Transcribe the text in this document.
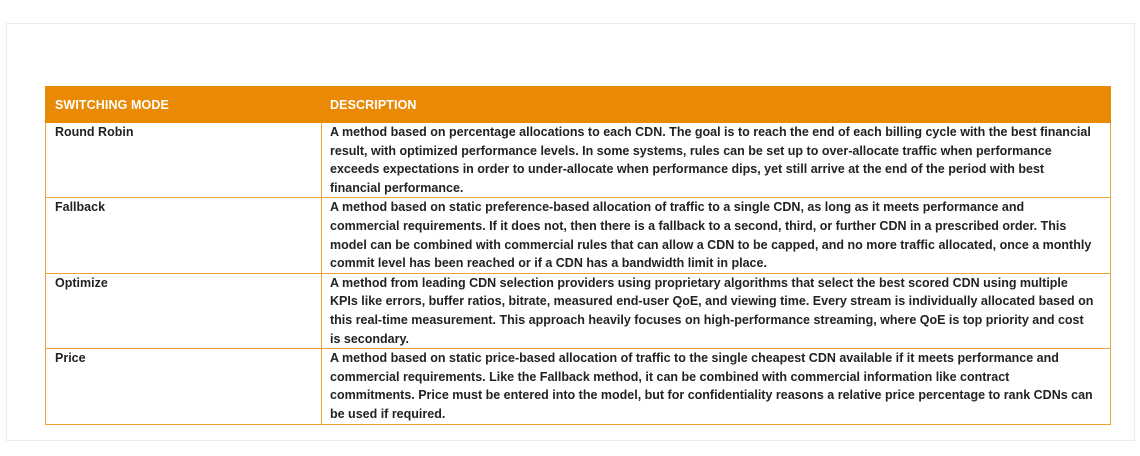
SWITCHING MODE	DESCRIPTION
Round Robin	A method based on percentage allocations to each CDN. The goal is to reach the end of each billing cycle with the best financial result, with optimized performance levels. In some systems, rules can be set up to over-allocate traffic when performance exceeds expectations in order to under-allocate when performance dips, yet still arrive at the end of the period with best financial performance.
Fallback	A method based on static preference-based allocation of traffic to a single CDN, as long as it meets performance and commercial requirements. If it does not, then there is a fallback to a second, third, or further CDN in a prescribed order. This model can be combined with commercial rules that can allow a CDN to be capped, and no more traffic allocated, once a monthly commit level has been reached or if a CDN has a bandwidth limit in place.
Optimize	A method from leading CDN selection providers using proprietary algorithms that select the best scored CDN using multiple KPIs like errors, buffer ratios, bitrate, measured end-user QoE, and viewing time. Every stream is individually allocated based on this real-time measurement. This approach heavily focuses on high-performance streaming, where QoE is top priority and cost is secondary.
Price	A method based on static price-based allocation of traffic to the single cheapest CDN available if it meets performance and commercial requirements. Like the Fallback method, it can be combined with commercial information like contract commitments. Price must be entered into the model, but for confidentiality reasons a relative price percentage to rank CDNs can be used if required.
